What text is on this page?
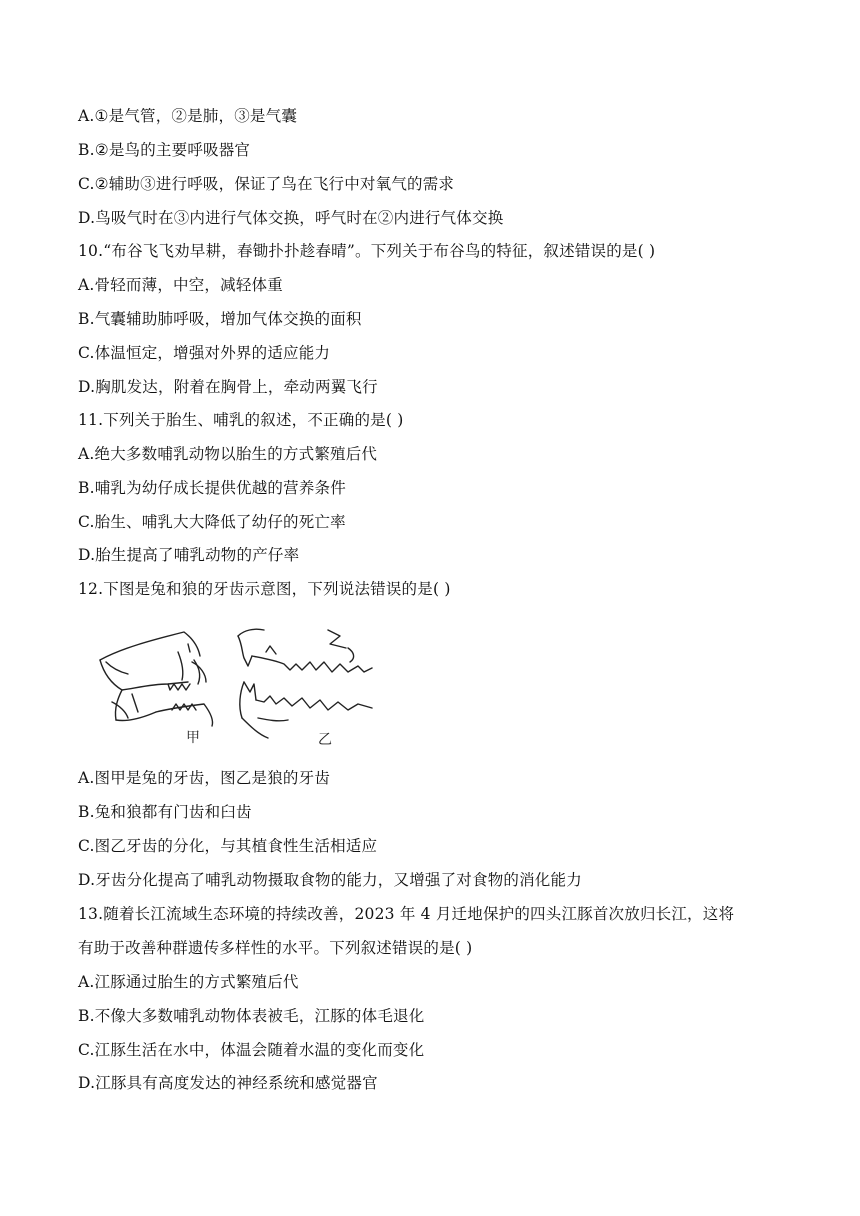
A.①是气管，②是肺，③是气囊
B.②是鸟的主要呼吸器官
C.②辅助③进行呼吸，保证了鸟在飞行中对氧气的需求
D.鸟吸气时在③内进行气体交换，呼气时在②内进行气体交换
10.“布谷飞飞劝早耕，春锄扑扑趁春晴”。下列关于布谷鸟的特征，叙述错误的是( )
A.骨轻而薄，中空，减轻体重
B.气囊辅助肺呼吸，增加气体交换的面积
C.体温恒定，增强对外界的适应能力
D.胸肌发达，附着在胸骨上，牵动两翼飞行
11.下列关于胎生、哺乳的叙述，不正确的是( )
A.绝大多数哺乳动物以胎生的方式繁殖后代
B.哺乳为幼仔成长提供优越的营养条件
C.胎生、哺乳大大降低了幼仔的死亡率
D.胎生提高了哺乳动物的产仔率
12.下图是兔和狼的牙齿示意图，下列说法错误的是( )
甲	乙
A.图甲是兔的牙齿，图乙是狼的牙齿
B.兔和狼都有门齿和臼齿
C.图乙牙齿的分化，与其植食性生活相适应
D.牙齿分化提高了哺乳动物摄取食物的能力，又增强了对食物的消化能力
13.随着长江流域生态环境的持续改善，2023 年 4 月迁地保护的四头江豚首次放归长江，这将
有助于改善种群遗传多样性的水平。下列叙述错误的是( )
A.江豚通过胎生的方式繁殖后代
B.不像大多数哺乳动物体表被毛，江豚的体毛退化
C.江豚生活在水中，体温会随着水温的变化而变化
D.江豚具有高度发达的神经系统和感觉器官
